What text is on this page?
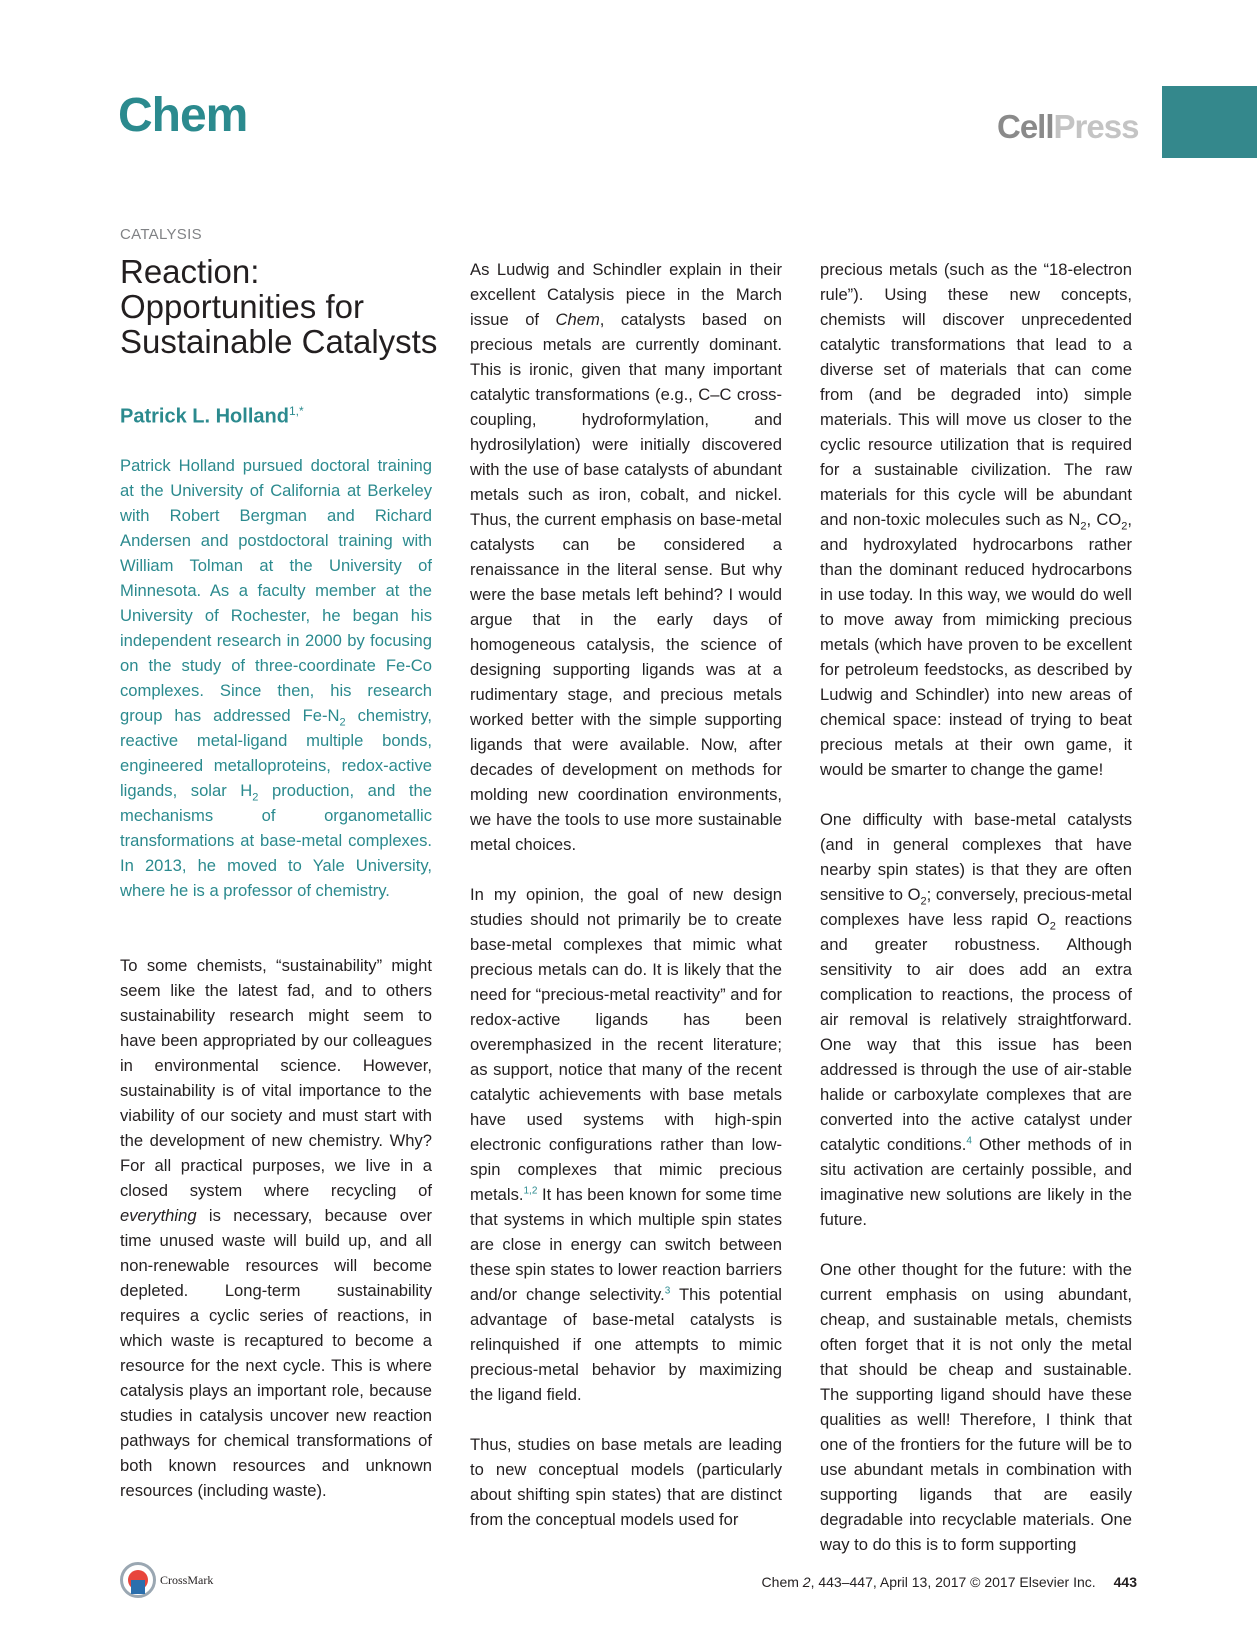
Chem	CellPress
CATALYSIS
Reaction: Opportunities for Sustainable Catalysts
Patrick L. Holland$^{1,*}$
Patrick Holland pursued doctoral training at the University of California at Berkeley with Robert Bergman and Richard Andersen and postdoctoral training with William Tolman at the University of Minnesota. As a faculty member at the University of Rochester, he began his independent research in 2000 by focusing on the study of three-coordinate Fe-Co complexes. Since then, his research group has addressed $Fe-N_2$ chemistry, reactive metal-ligand multiple bonds, engineered metalloproteins, redox-active ligands, solar $H_2$ production, and the mechanisms of organometallic transformations at base-metal complexes. In 2013, he moved to Yale University, where he is a professor of chemistry.

To some chemists, “sustainability” might seem like the latest fad, and to others sustainability research might seem to have been appropriated by our colleagues in environmental science. However, sustainability is of vital importance to the viability of our society and must start with the development of new chemistry. Why? For all practical purposes, we live in a closed system where recycling of everything is necessary, because over time unused waste will build up, and all non-renewable resources will become depleted. Long-term sustainability requires a cyclic series of reactions, in which waste is recaptured to become a resource for the next cycle. This is where catalysis plays an important role, because studies in catalysis uncover new reaction pathways for chemical transformations of both known resources and unknown resources (including waste).

As Ludwig and Schindler explain in their excellent Catalysis piece in the March issue of Chem, catalysts based on precious metals are currently dominant. This is ironic, given that many important catalytic transformations (e.g., C–C cross-coupling, hydroformylation, and hydrosilylation) were initially discovered with the use of base catalysts of abundant metals such as iron, cobalt, and nickel. Thus, the current emphasis on base-metal catalysts can be considered a renaissance in the literal sense. But why were the base metals left behind? I would argue that in the early days of homogeneous catalysis, the science of designing supporting ligands was at a rudimentary stage, and precious metals worked better with the simple supporting ligands that were available. Now, after decades of development on methods for molding new coordination environments, we have the tools to use more sustainable metal choices.

In my opinion, the goal of new design studies should not primarily be to create base-metal complexes that mimic what precious metals can do. It is likely that the need for “precious-metal reactivity” and for redox-active ligands has been overemphasized in the recent literature; as support, notice that many of the recent catalytic achievements with base metals have used systems with high-spin electronic configurations rather than low-spin complexes that mimic precious metals.$^{1,2}$ It has been known for some time that systems in which multiple spin states are close in energy can switch between these spin states to lower reaction barriers and/or change selectivity.$^3$ This potential advantage of base-metal catalysts is relinquished if one attempts to mimic precious-metal behavior by maximizing the ligand field.

Thus, studies on base metals are leading to new conceptual models (particularly about shifting spin states) that are distinct from the conceptual models used for

precious metals (such as the “18-electron rule”). Using these new concepts, chemists will discover unprecedented catalytic transformations that lead to a diverse set of materials that can come from (and be degraded into) simple materials. This will move us closer to the cyclic resource utilization that is required for a sustainable civilization. The raw materials for this cycle will be abundant and non-toxic molecules such as $N_2$, $CO_2$, and hydroxylated hydrocarbons rather than the dominant reduced hydrocarbons in use today. In this way, we would do well to move away from mimicking precious metals (which have proven to be excellent for petroleum feedstocks, as described by Ludwig and Schindler) into new areas of chemical space: instead of trying to beat precious metals at their own game, it would be smarter to change the game!

One difficulty with base-metal catalysts (and in general complexes that have nearby spin states) is that they are often sensitive to $O_2$; conversely, precious-metal complexes have less rapid $O_2$ reactions and greater robustness. Although sensitivity to air does add an extra complication to reactions, the process of air removal is relatively straightforward. One way that this issue has been addressed is through the use of air-stable halide or carboxylate complexes that are converted into the active catalyst under catalytic conditions.$^4$ Other methods of in situ activation are certainly possible, and imaginative new solutions are likely in the future.

One other thought for the future: with the current emphasis on using abundant, cheap, and sustainable metals, chemists often forget that it is not only the metal that should be cheap and sustainable. The supporting ligand should have these qualities as well! Therefore, I think that one of the frontiers for the future will be to use abundant metals in combination with supporting ligands that are easily degradable into recyclable materials. One way to do this is to form supporting

CrossMark	Chem 2, 443–447, April 13, 2017 © 2017 Elsevier Inc. 443
